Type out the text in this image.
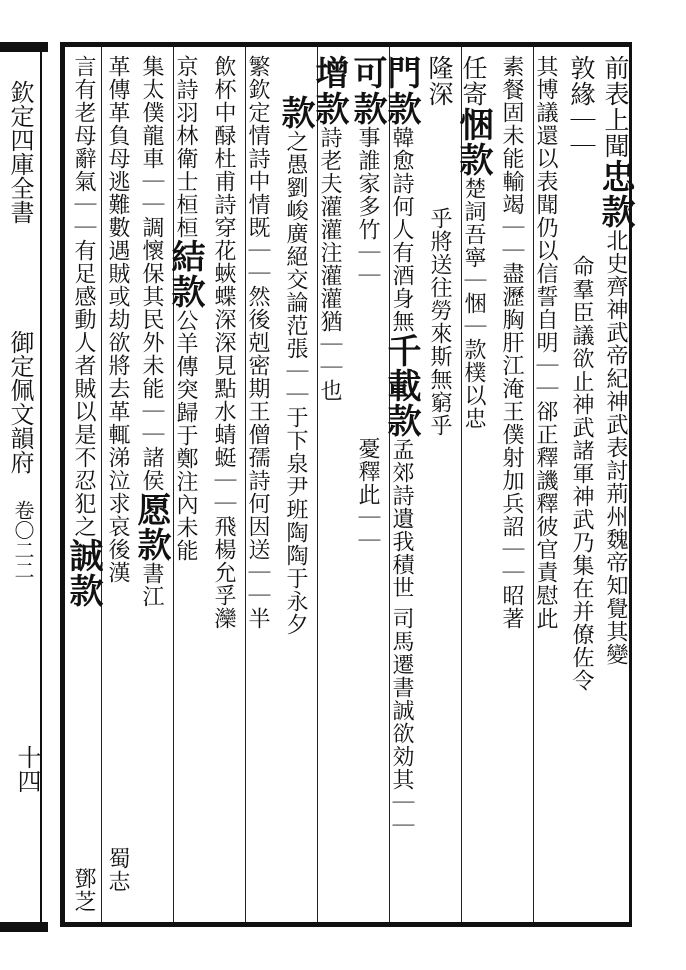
欽定四庫全書
御定佩文韻府
卷〇二二
十四
前表上聞忠款北史齊神武帝紀神武表討荊州魏帝知覺其變
敦緣｜｜命羣臣議欲止神武諸軍神武乃集在并僚佐令
其博議還以表聞仍以信誓自明｜｜郤正釋譏釋彼官責慰此
素餐固未能輸竭｜｜盡瀝胸肝江淹王僕射加兵詔｜｜昭著
任寄悃款楚詞吾寧｜悃｜款樸以忠
隆深乎將送往勞來斯無窮乎
門款韓愈詩何人有酒身無千載款孟郊詩遺我積世
可款事誰家多竹｜｜憂釋此｜｜
增款詩老夫灌灌注灌灌猶｜｜也
款之愚劉峻廣絕交論范張｜｜于下泉尹班陶陶于永夕
繁欽定情詩中情既｜｜然後剋密期王僧孺詩何因送｜｜半
飲杯中醁杜甫詩穿花蛺蝶深深見點水蜻蜓｜｜飛楊允孚灤
京詩羽林衛士桓桓結款公羊傳突歸于鄭注內未能
集太僕龍車｜｜調懷保其民外未能｜｜諸侯愿款書江
革傳革負母逃難數遇賊或劫欲將去革輒涕泣求哀後漢
言有老母辭氣｜｜有足感動人者賊以是不忍犯之誠款
蜀志
鄧芝
司馬遷書誠欲効其｜｜
